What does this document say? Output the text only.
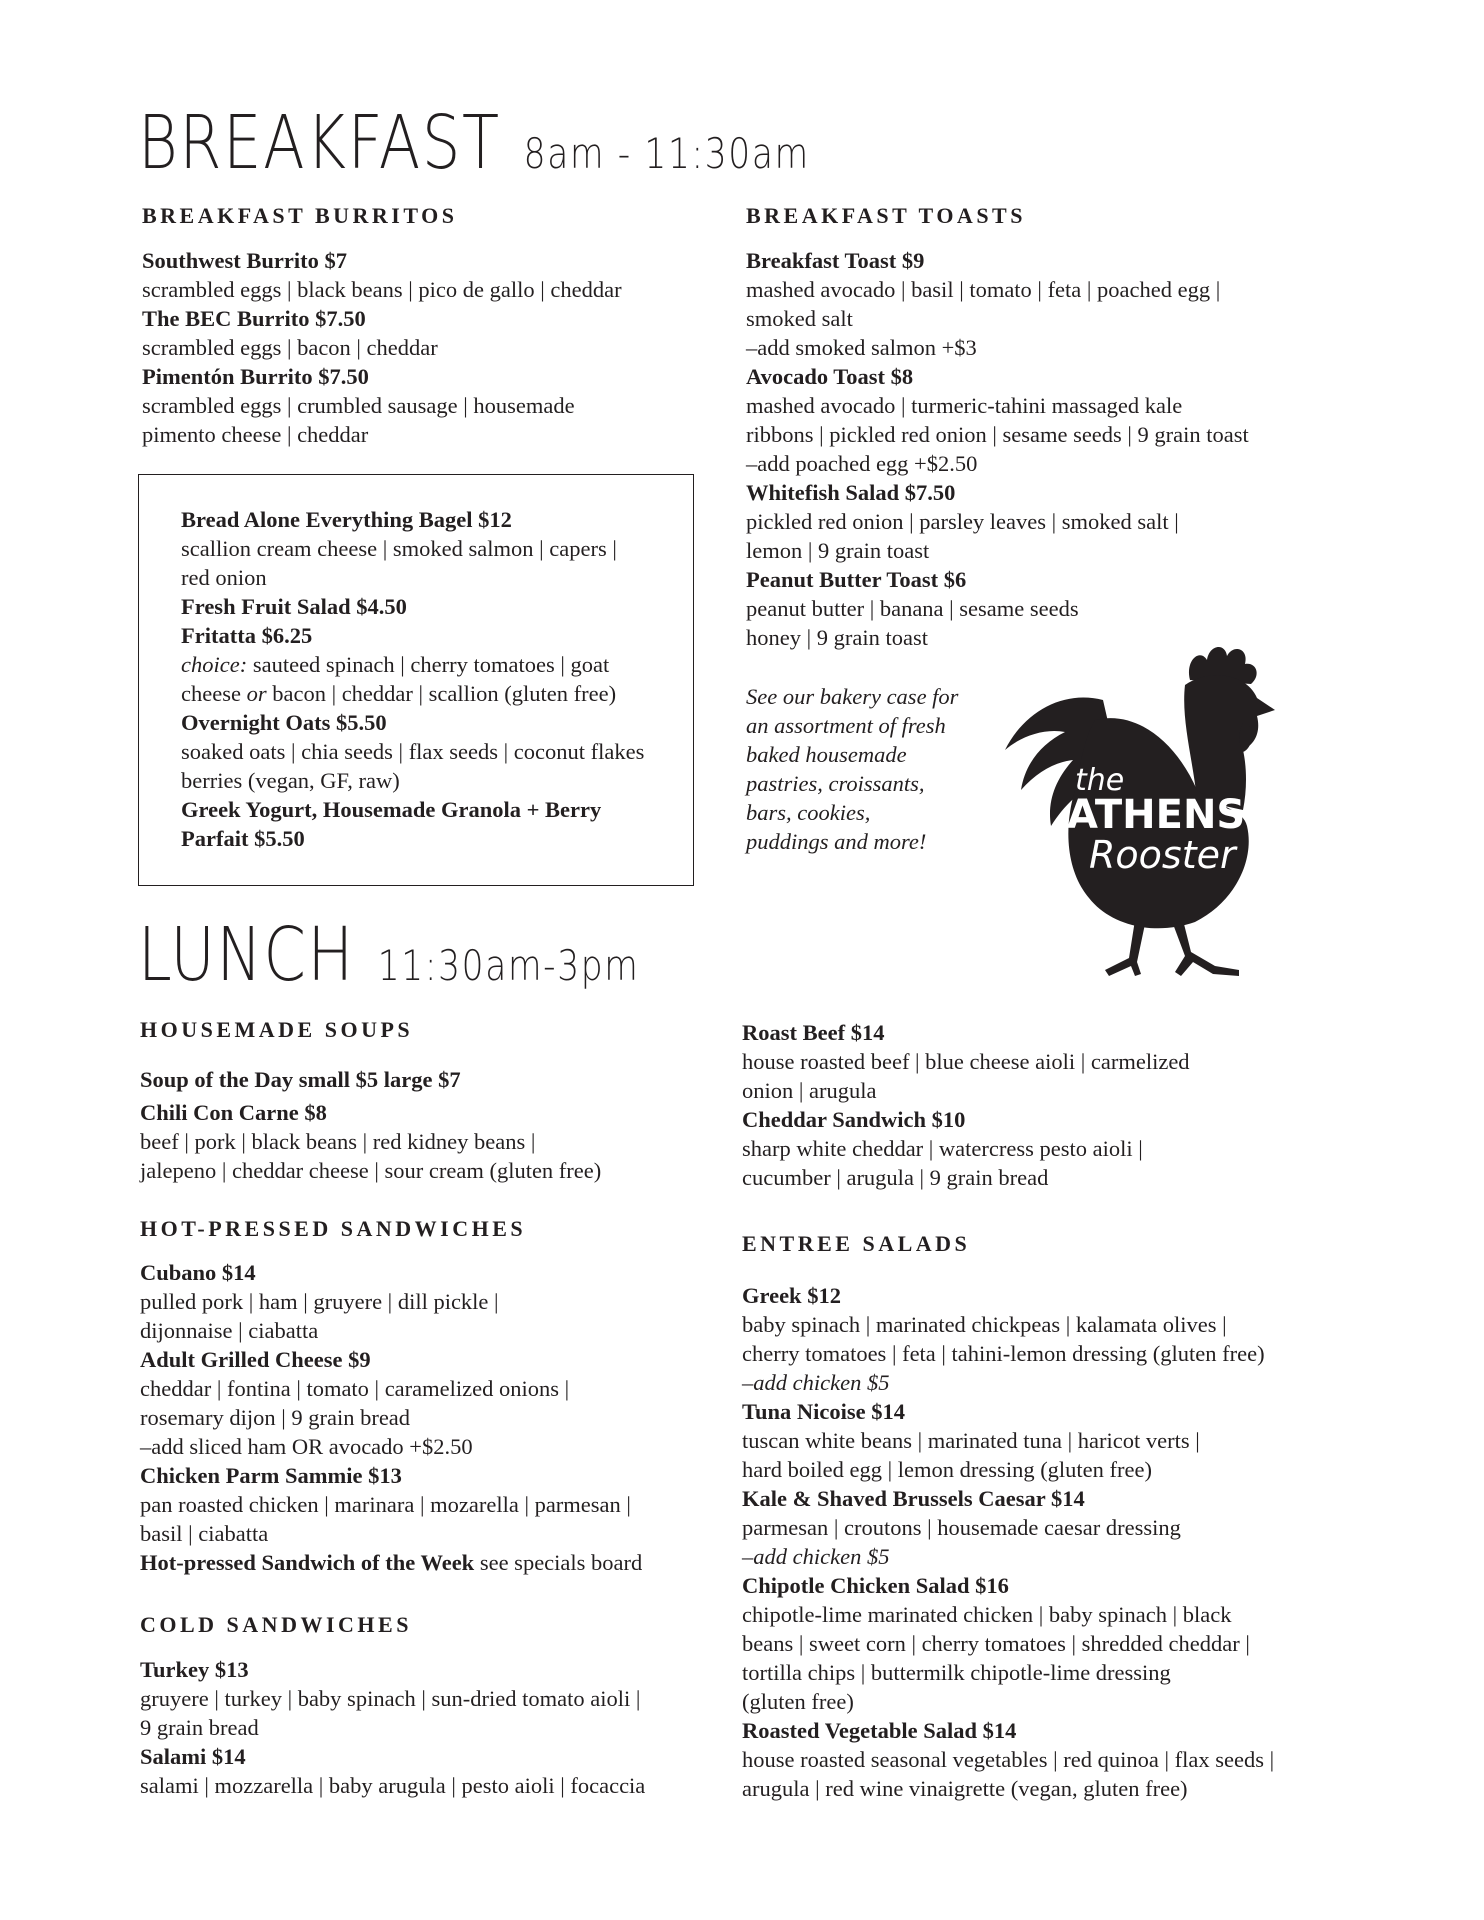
BREAKFAST 8am - 11:30am
BREAKFAST BURRITOS
Southwest Burrito $7
scrambled eggs | black beans | pico de gallo | cheddar
The BEC Burrito $7.50
scrambled eggs | bacon | cheddar
Pimentón Burrito $7.50
scrambled eggs | crumbled sausage | housemade
pimento cheese | cheddar
Bread Alone Everything Bagel $12
scallion cream cheese | smoked salmon | capers |
red onion
Fresh Fruit Salad $4.50
Fritatta $6.25
choice: sauteed spinach | cherry tomatoes | goat
cheese or bacon | cheddar | scallion (gluten free)
Overnight Oats $5.50
soaked oats | chia seeds | flax seeds | coconut flakes
berries (vegan, GF, raw)
Greek Yogurt, Housemade Granola + Berry
Parfait $5.50
BREAKFAST TOASTS
Breakfast Toast $9
mashed avocado | basil | tomato | feta | poached egg |
smoked salt
–add smoked salmon +$3
Avocado Toast $8
mashed avocado | turmeric-tahini massaged kale
ribbons | pickled red onion | sesame seeds | 9 grain toast
–add poached egg +$2.50
Whitefish Salad $7.50
pickled red onion | parsley leaves | smoked salt |
lemon | 9 grain toast
Peanut Butter Toast $6
peanut butter | banana | sesame seeds
honey | 9 grain toast
See our bakery case for
an assortment of fresh
baked housemade
pastries, croissants,
bars, cookies,
puddings and more!
the
ATHENS
Rooster
LUNCH 11:30am-3pm
HOUSEMADE SOUPS
Soup of the Day small $5 large $7
Chili Con Carne $8
beef | pork | black beans | red kidney beans |
jalepeno | cheddar cheese | sour cream (gluten free)
HOT-PRESSED SANDWICHES
Cubano $14
pulled pork | ham | gruyere | dill pickle |
dijonnaise | ciabatta
Adult Grilled Cheese $9
cheddar | fontina | tomato | caramelized onions |
rosemary dijon | 9 grain bread
–add sliced ham OR avocado +$2.50
Chicken Parm Sammie $13
pan roasted chicken | marinara | mozarella | parmesan |
basil | ciabatta
Hot-pressed Sandwich of the Week see specials board
COLD SANDWICHES
Turkey $13
gruyere | turkey | baby spinach | sun-dried tomato aioli |
9 grain bread
Salami $14
salami | mozzarella | baby arugula | pesto aioli | focaccia
Roast Beef $14
house roasted beef | blue cheese aioli | carmelized
onion | arugula
Cheddar Sandwich $10
sharp white cheddar | watercress pesto aioli |
cucumber | arugula | 9 grain bread
ENTREE SALADS
Greek $12
baby spinach | marinated chickpeas | kalamata olives |
cherry tomatoes | feta | tahini-lemon dressing (gluten free)
–add chicken $5
Tuna Nicoise $14
tuscan white beans | marinated tuna | haricot verts |
hard boiled egg | lemon dressing (gluten free)
Kale & Shaved Brussels Caesar $14
parmesan | croutons | housemade caesar dressing
–add chicken $5
Chipotle Chicken Salad $16
chipotle-lime marinated chicken | baby spinach | black
beans | sweet corn | cherry tomatoes | shredded cheddar |
tortilla chips | buttermilk chipotle-lime dressing
(gluten free)
Roasted Vegetable Salad $14
house roasted seasonal vegetables | red quinoa | flax seeds |
arugula | red wine vinaigrette (vegan, gluten free)
